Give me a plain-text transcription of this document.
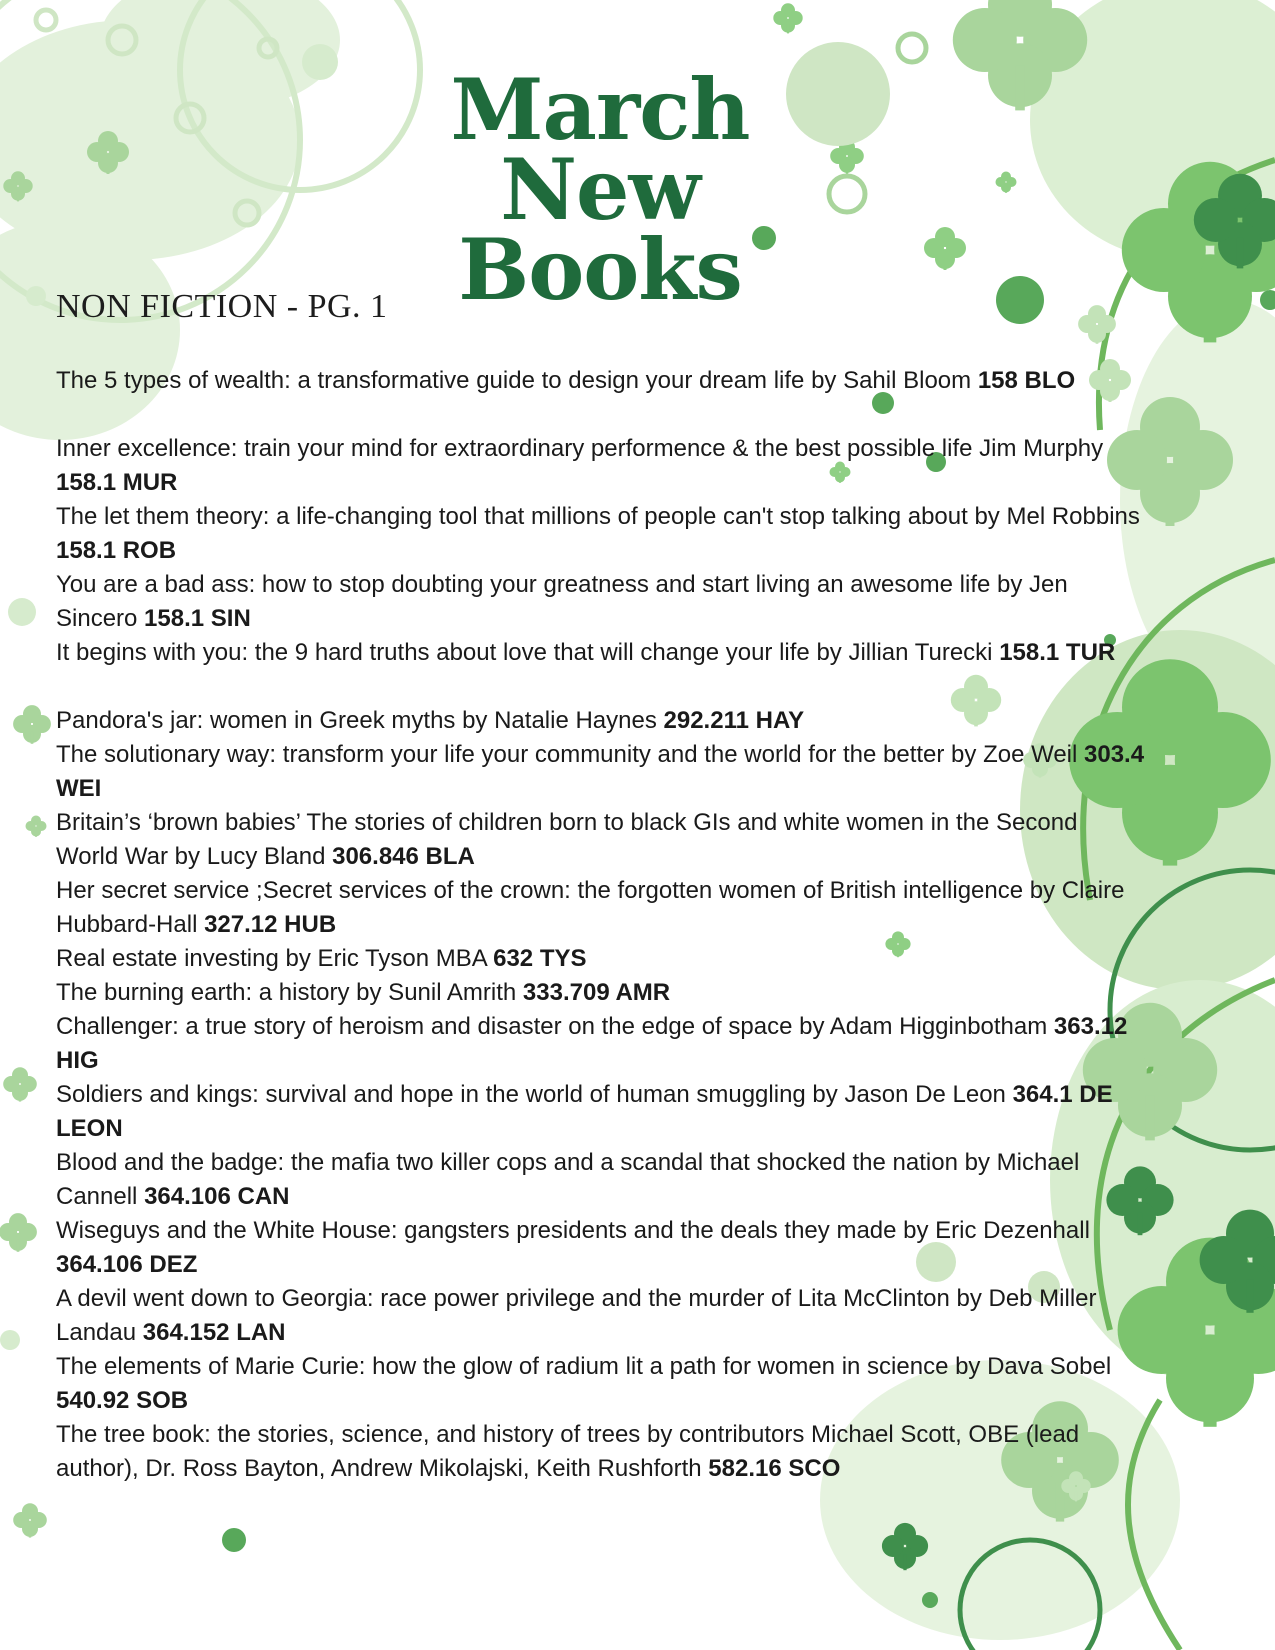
March New
Books
NON FICTION - PG. 1

The 5 types of wealth: a transformative guide to design your dream life by Sahil Bloom 158 BLO

Inner excellence: train your mind for extraordinary performence & the best possible life Jim Murphy 158.1 MUR

The let them theory: a life-changing tool that millions of people can't stop talking about by Mel Robbins 158.1 ROB

You are a bad ass: how to stop doubting your greatness and start living an awesome life by Jen Sincero 158.1 SIN

It begins with you: the 9 hard truths about love that will change your life by Jillian Turecki 158.1 TUR

Pandora's jar: women in Greek myths by Natalie Haynes 292.211 HAY

The solutionary way: transform your life your community and the world for the better by Zoe Weil 303.4 WEI

Britain’s ‘brown babies’ The stories of children born to black GIs and white women in the Second World War by Lucy Bland 306.846 BLA

Her secret service ;Secret services of the crown: the forgotten women of British intelligence by Claire Hubbard-Hall 327.12 HUB

Real estate investing by Eric Tyson MBA 632 TYS

The burning earth: a history by Sunil Amrith 333.709 AMR

Challenger: a true story of heroism and disaster on the edge of space by Adam Higginbotham 363.12 HIG

Soldiers and kings: survival and hope in the world of human smuggling by Jason De Leon 364.1 DE LEON

Blood and the badge: the mafia two killer cops and a scandal that shocked the nation by Michael Cannell 364.106 CAN

Wiseguys and the White House: gangsters presidents and the deals they made by Eric Dezenhall 364.106 DEZ

A devil went down to Georgia: race power privilege and the murder of Lita McClinton by Deb Miller Landau 364.152 LAN

The elements of Marie Curie: how the glow of radium lit a path for women in science by Dava Sobel 540.92 SOB

The tree book: the stories, science, and history of trees by contributors Michael Scott, OBE (lead author), Dr. Ross Bayton, Andrew Mikolajski, Keith Rushforth 582.16 SCO
